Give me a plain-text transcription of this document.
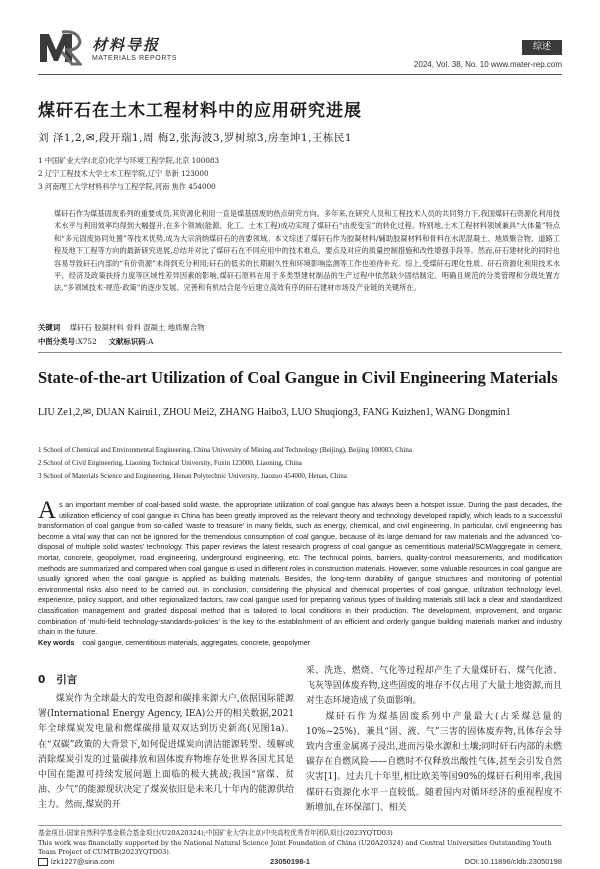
材料导报
MATERIALS REPORTS
综述
2024, Vol. 38, No. 10 www.mater-rep.com
煤矸石在土木工程材料中的应用研究进展
刘 泽1,2,✉,段开瑞1,周 梅2,张海波3,罗树琼3,房奎坤1,王栋民1
1 中国矿业大学(北京)化学与环境工程学院,北京 100083
2 辽宁工程技术大学土木工程学院,辽宁 阜新 123000
3 河南理工大学材料科学与工程学院,河南 焦作 454000
煤矸石作为煤基固废系列的重要成员,其资源化利用一直是煤基固废的热点研究方向。多年来,在研究人员和工程技术人员的共同努力下,我国煤矸石资源化利用技术水平与利用效率均得到大幅提升,在多个领域(能源、化工、土木工程)成功实现了煤矸石“由废变宝”的转化过程。特别地,土木工程材料领域兼具“大体量”特点和“多元固废协同处置”等技术优势,成为大宗消纳煤矸石的首要领域。本文综述了煤矸石作为胶凝材料/辅助胶凝材料和骨料在水泥混凝土、地质聚合物、道路工程及地下工程等方向的最新研究进展,总结并对比了煤矸石在不同应用中的技术难点、要点及对应的质量控制措施和改性增强手段等。然而,矸石建材化的同时也容易导致矸石内部的“有价资源”未得到充分利用;矸石的低劣的长期耐久性和环境影响监测等工作也亟待补充。综上,受煤矸石理化性质、矸石资源化利用技术水平、经济及政策扶持力度等区域性差异因素的影响,煤矸石原料在用于多类型建材制品的生产过程中依然缺少固结制定、明确且规范的分类管理和分级处置方法,“多领域技术-规范-政策”的逐步发展、完善和有机结合是今后建立高效有序的矸石建材市场及产业链的关键所在。
关键词 煤矸石 胶凝材料 骨料 混凝土 地质聚合物
中图分类号:X752 文献标识码:A
State-of-the-art Utilization of Coal Gangue in Civil Engineering Materials
LIU Ze1,2,✉, DUAN Kairui1, ZHOU Mei2, ZHANG Haibo3, LUO Shuqiong3, FANG Kuizhen1, WANG Dongmin1
1 School of Chemical and Environmental Engineering, China University of Mining and Technology (Beijing), Beijing 100083, China
2 School of Civil Engineering, Liaoning Technical University, Fuxin 123000, Liaoning, China
3 School of Materials Science and Engineering, Henan Polytechnic University, Jiaozuo 454000, Henan, China
As an important member of coal-based solid waste, the appropriate utilization of coal gangue has always been a hotspot issue. During the past decades, the utilization efficiency of coal gangue in China has been greatly improved as the relevant theory and technology developed rapidly, which leads to a successful transformation of coal gangue from so-called ‘waste to treasure’ in many fields, such as energy, chemical, and civil engineering. In particular, civil engineering has become a vital way that can not be ignored for the tremendous consumption of coal gangue, because of its large demand for raw materials and the advanced ‘co-disposal of multiple solid wastes’ technology. This paper reviews the latest research progress of coal gangue as cementitious material/SCM/aggregate in cement, mortar, concrete, geopolymer, road engineering, underground engineering, etc. The technical points, barriers, quality-control measurements, and modification methods are summarized and compared when coal gangue is used in different roles in construction materials. However, some valuable resources in coal gangue are usually ignored when the coal gangue is applied as building materials. Besides, the long-term durability of gangue structures and monitoring of potential environmental risks also need to be carried out. In conclusion, considering the physical and chemical properties of coal gangue, utilization technology level, experience, policy support, and other regionalized factors, raw coal gangue used for preparing various types of building materials still lack a clear and standardized classification management and graded disposal method that is tailored to local conditions in their production. The development, improvement, and organic combination of ‘multi-field technology-standards-policies’ is the key to the establishment of an efficient and orderly gangue building materials market and industry chain in the future.
Key words coal gangue, cementitious materials, aggregates, concrete, geopolymer
0 引言
  煤炭作为全球最大的发电资源和碳排来源大户,依据国际能源署(International Energy Agency, IEA)公开的相关数据,2021年全球煤炭发电量和燃煤碳排量双双达到历史新高(见图1a)。在“双碳”政策的大背景下,如何促进煤炭向清洁能源转型、缓解或消除煤炭引发的过量碳排放和固体废弃物堆存处世界各国尤其是中国在能源可持续发展问题上面临的极大挑战;我国“富煤、贫油、少气”的能源现状决定了煤炭依旧是未来几十年内的能源供给主力。然而,煤炭的开
采、洗选、燃烧、气化等过程却产生了大量煤矸石、煤气化渣、飞灰等固体废弃物,这些固废的堆存不仅占用了大量土地资源,而且对生态环境造成了负面影响。
  煤矸石作为煤基固废系列中产量最大(占采煤总量的10%~25%)、兼具“固、液、气”三害的固体废弃物,具体存会导致内含重金属离子浸出,进而污染水源和土壤;同时矸石内部的未燃碳存在自燃风险——自燃时不仅释放出酸性气体,甚至会引发自然灾害[1]。过去几十年里,相比欧美等国90%的煤矸石利用率,我国煤矸石资源化水平一直较低。随着国内对循环经济的重视程度不断增加,在环保部门、相关
基金项目:国家自然科学基金联合基金项目(U20A20324);中国矿业大学(北京)中央高校优秀青年团队项目(2023YQTD03)
This work was financially supported by the National Natural Science Joint Foundation of China (U20A20324) and Central Universities Outstanding Youth Team Project of CUMTB(2023YQTD03).
lzk1227@sina.com	23050198-1	DOI:10.11896/cldb.23050198
